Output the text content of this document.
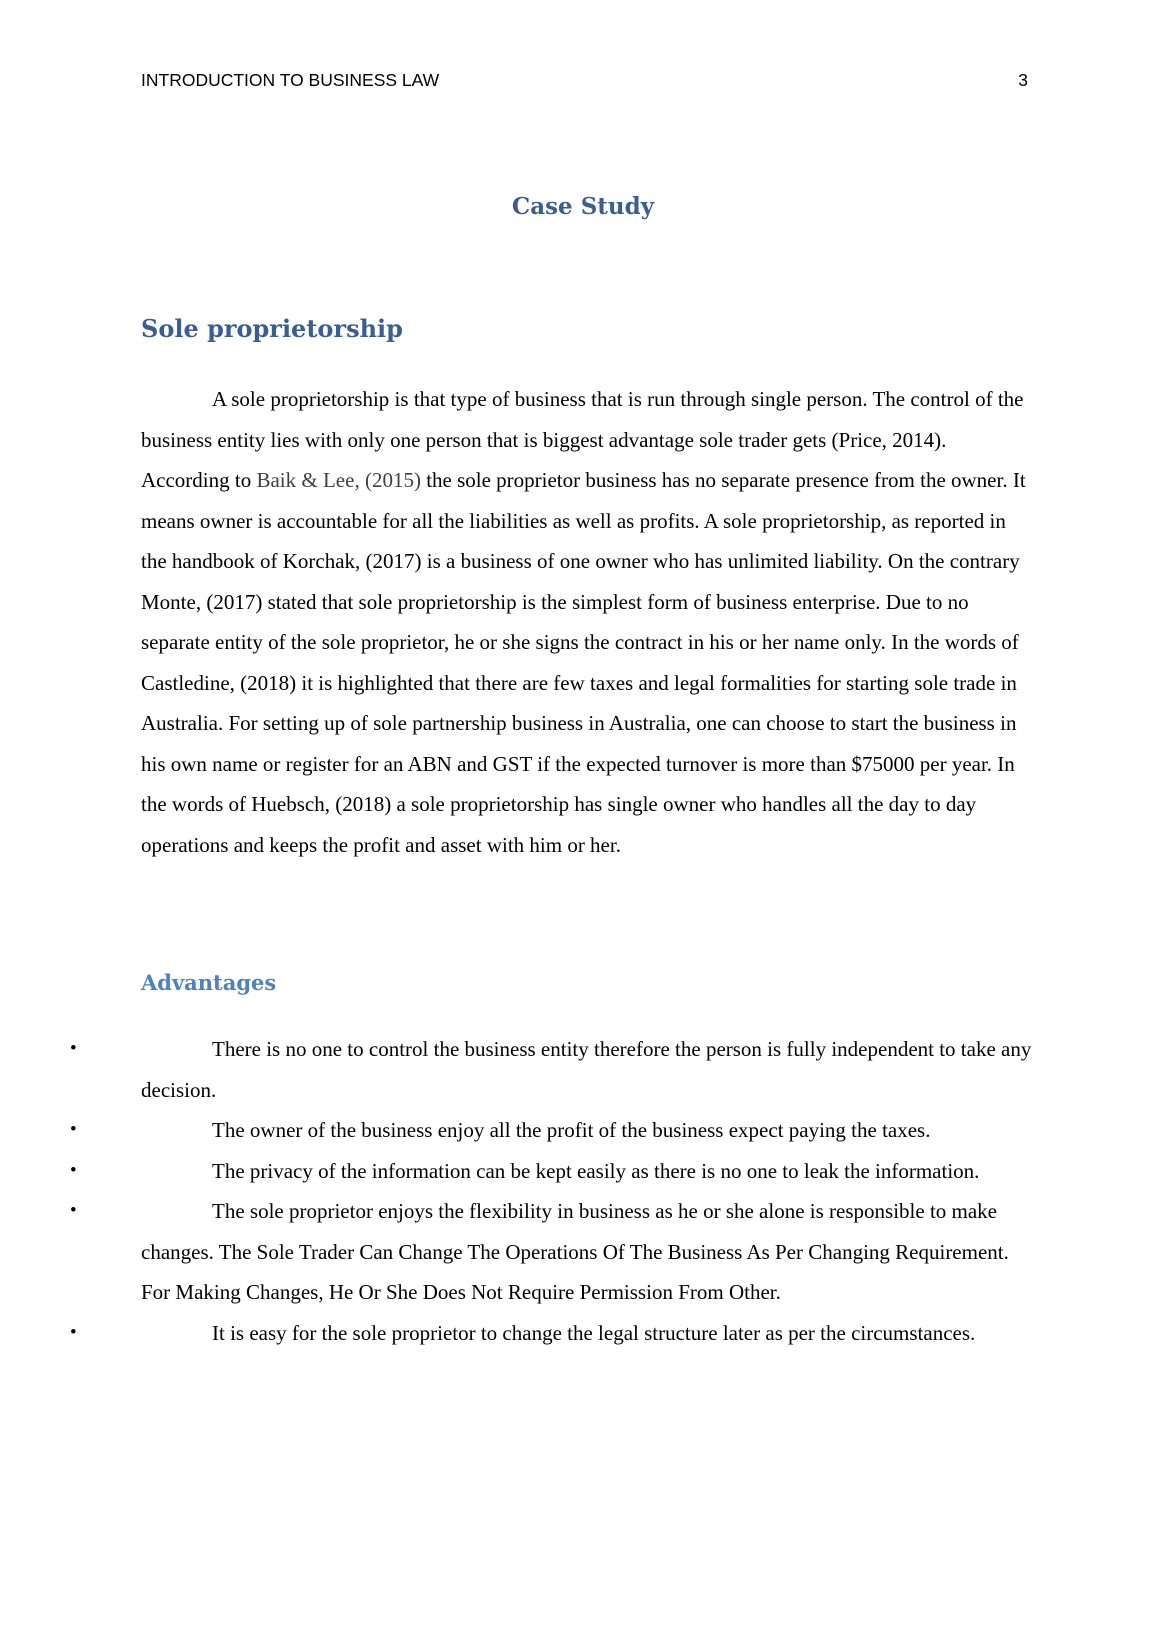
INTRODUCTION TO BUSINESS LAW	3
Case Study
Sole proprietorship

A sole proprietorship is that type of business that is run through single person. The control of the business entity lies with only one person that is biggest advantage sole trader gets (Price, 2014). According to Baik & Lee, (2015) the sole proprietor business has no separate presence from the owner. It means owner is accountable for all the liabilities as well as profits. A sole proprietorship, as reported in the handbook of Korchak, (2017) is a business of one owner who has unlimited liability. On the contrary Monte, (2017) stated that sole proprietorship is the simplest form of business enterprise. Due to no separate entity of the sole proprietor, he or she signs the contract in his or her name only. In the words of Castledine, (2018) it is highlighted that there are few taxes and legal formalities for starting sole trade in Australia. For setting up of sole partnership business in Australia, one can choose to start the business in his own name or register for an ABN and GST if the expected turnover is more than $75000 per year. In the words of Huebsch, (2018) a sole proprietorship has single owner who handles all the day to day operations and keeps the profit and asset with him or her.

Advantages
•	There is no one to control the business entity therefore the person is fully independent to take any decision.
•	The owner of the business enjoy all the profit of the business expect paying the taxes.
•	The privacy of the information can be kept easily as there is no one to leak the information.
•	The sole proprietor enjoys the flexibility in business as he or she alone is responsible to make changes. The Sole Trader Can Change The Operations Of The Business As Per Changing Requirement. For Making Changes, He Or She Does Not Require Permission From Other.
•	It is easy for the sole proprietor to change the legal structure later as per the circumstances.
